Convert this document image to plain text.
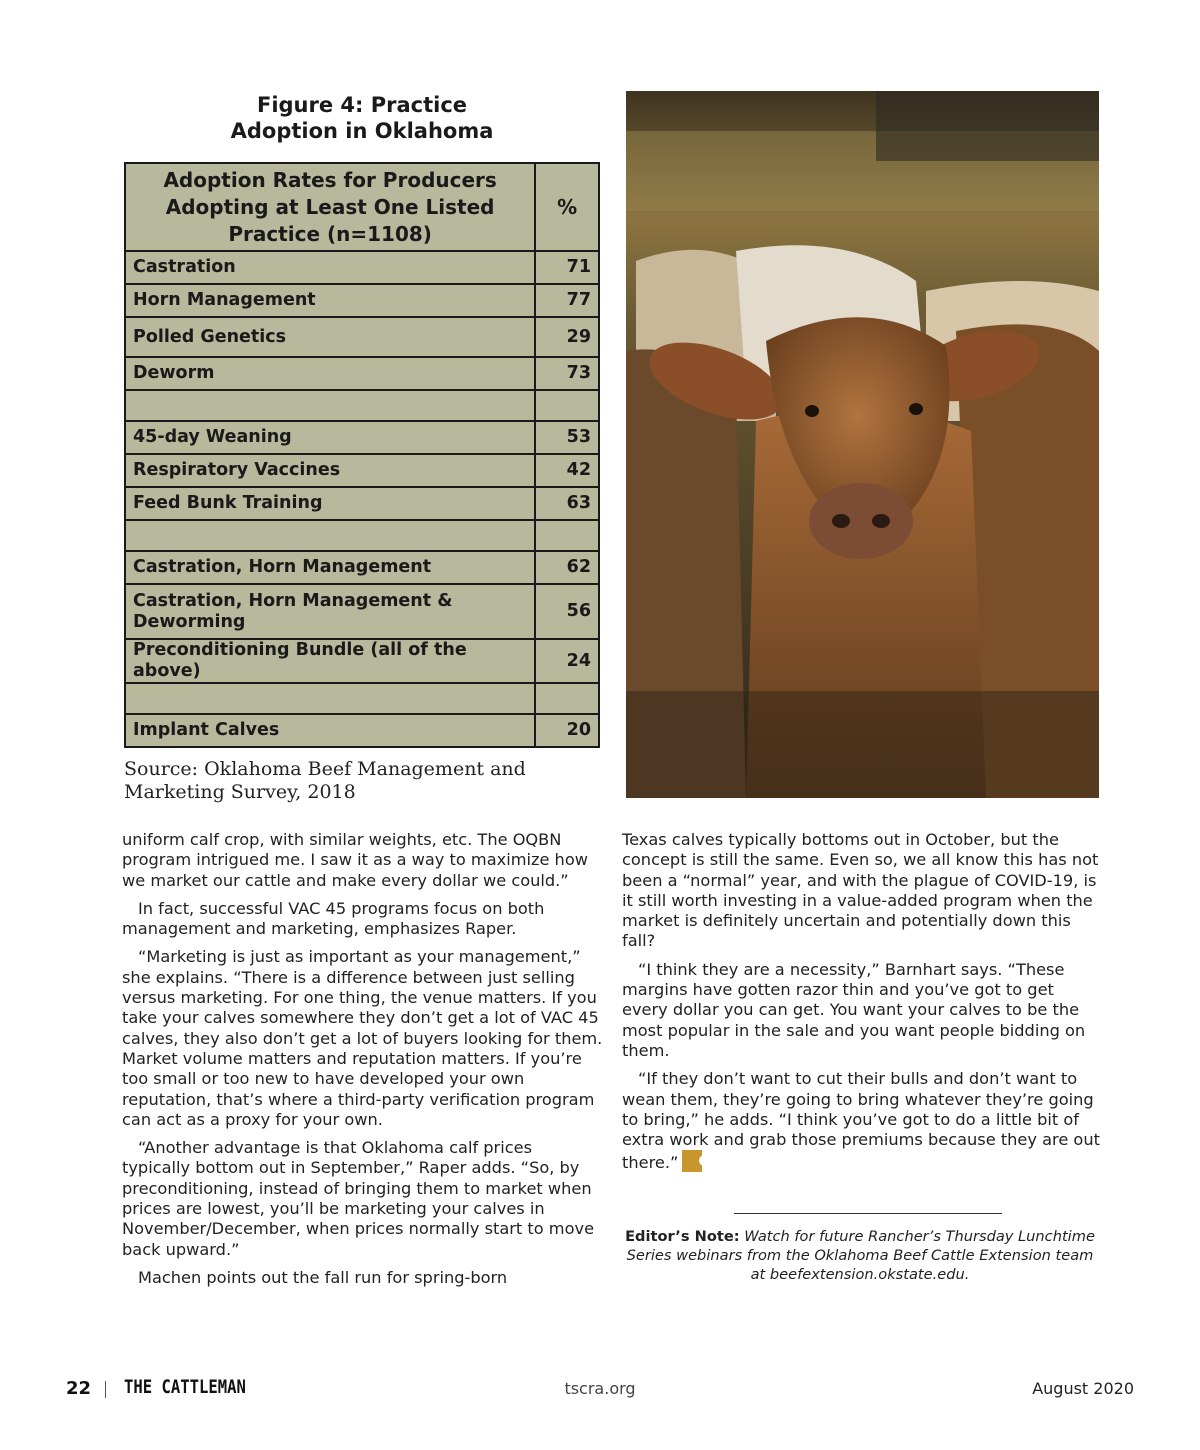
Figure 4: Practice
Adoption in Oklahoma
Adoption Rates for Producers Adopting at Least One Listed Practice (n=1108)	%
Castration	71
Horn Management	77
Polled Genetics	29
Deworm	73

45-day Weaning	53
Respiratory Vaccines	42
Feed Bunk Training	63

Castration, Horn Management	62
Castration, Horn Management & Deworming	56
Preconditioning Bundle (all of the above)	24

Implant Calves	20
Source: Oklahoma Beef Management and Marketing Survey, 2018

uniform calf crop, with similar weights, etc. The OQBN program intrigued me. I saw it as a way to maximize how we market our cattle and make every dollar we could.”

In fact, successful VAC 45 programs focus on both management and marketing, emphasizes Raper.

“Marketing is just as important as your management,” she explains. “There is a difference between just selling versus marketing. For one thing, the venue matters. If you take your calves somewhere they don’t get a lot of VAC 45 calves, they also don’t get a lot of buyers looking for them. Market volume matters and reputation matters. If you’re too small or too new to have developed your own reputation, that’s where a third-party verification program can act as a proxy for your own.

“Another advantage is that Oklahoma calf prices typically bottom out in September,” Raper adds. “So, by preconditioning, instead of bringing them to market when prices are lowest, you’ll be marketing your calves in November/December, when prices normally start to move back upward.”

Machen points out the fall run for spring-born

Texas calves typically bottoms out in October, but the concept is still the same. Even so, we all know this has not been a “normal” year, and with the plague of COVID-19, is it still worth investing in a value-added program when the market is definitely uncertain and potentially down this fall?

“I think they are a necessity,” Barnhart says. “These margins have gotten razor thin and you’ve got to get every dollar you can get. You want your calves to be the most popular in the sale and you want people bidding on them.

“If they don’t want to cut their bulls and don’t want to wean them, they’re going to bring whatever they’re going to bring,” he adds. “I think you’ve got to do a little bit of extra work and grab those premiums because they are out there.”	C

Editor’s Note: Watch for future Rancher’s Thursday Lunchtime Series webinars from the Oklahoma Beef Cattle Extension team at beefextension.okstate.edu.
22 THE CATTLEMAN	tscra.org	August 2020
